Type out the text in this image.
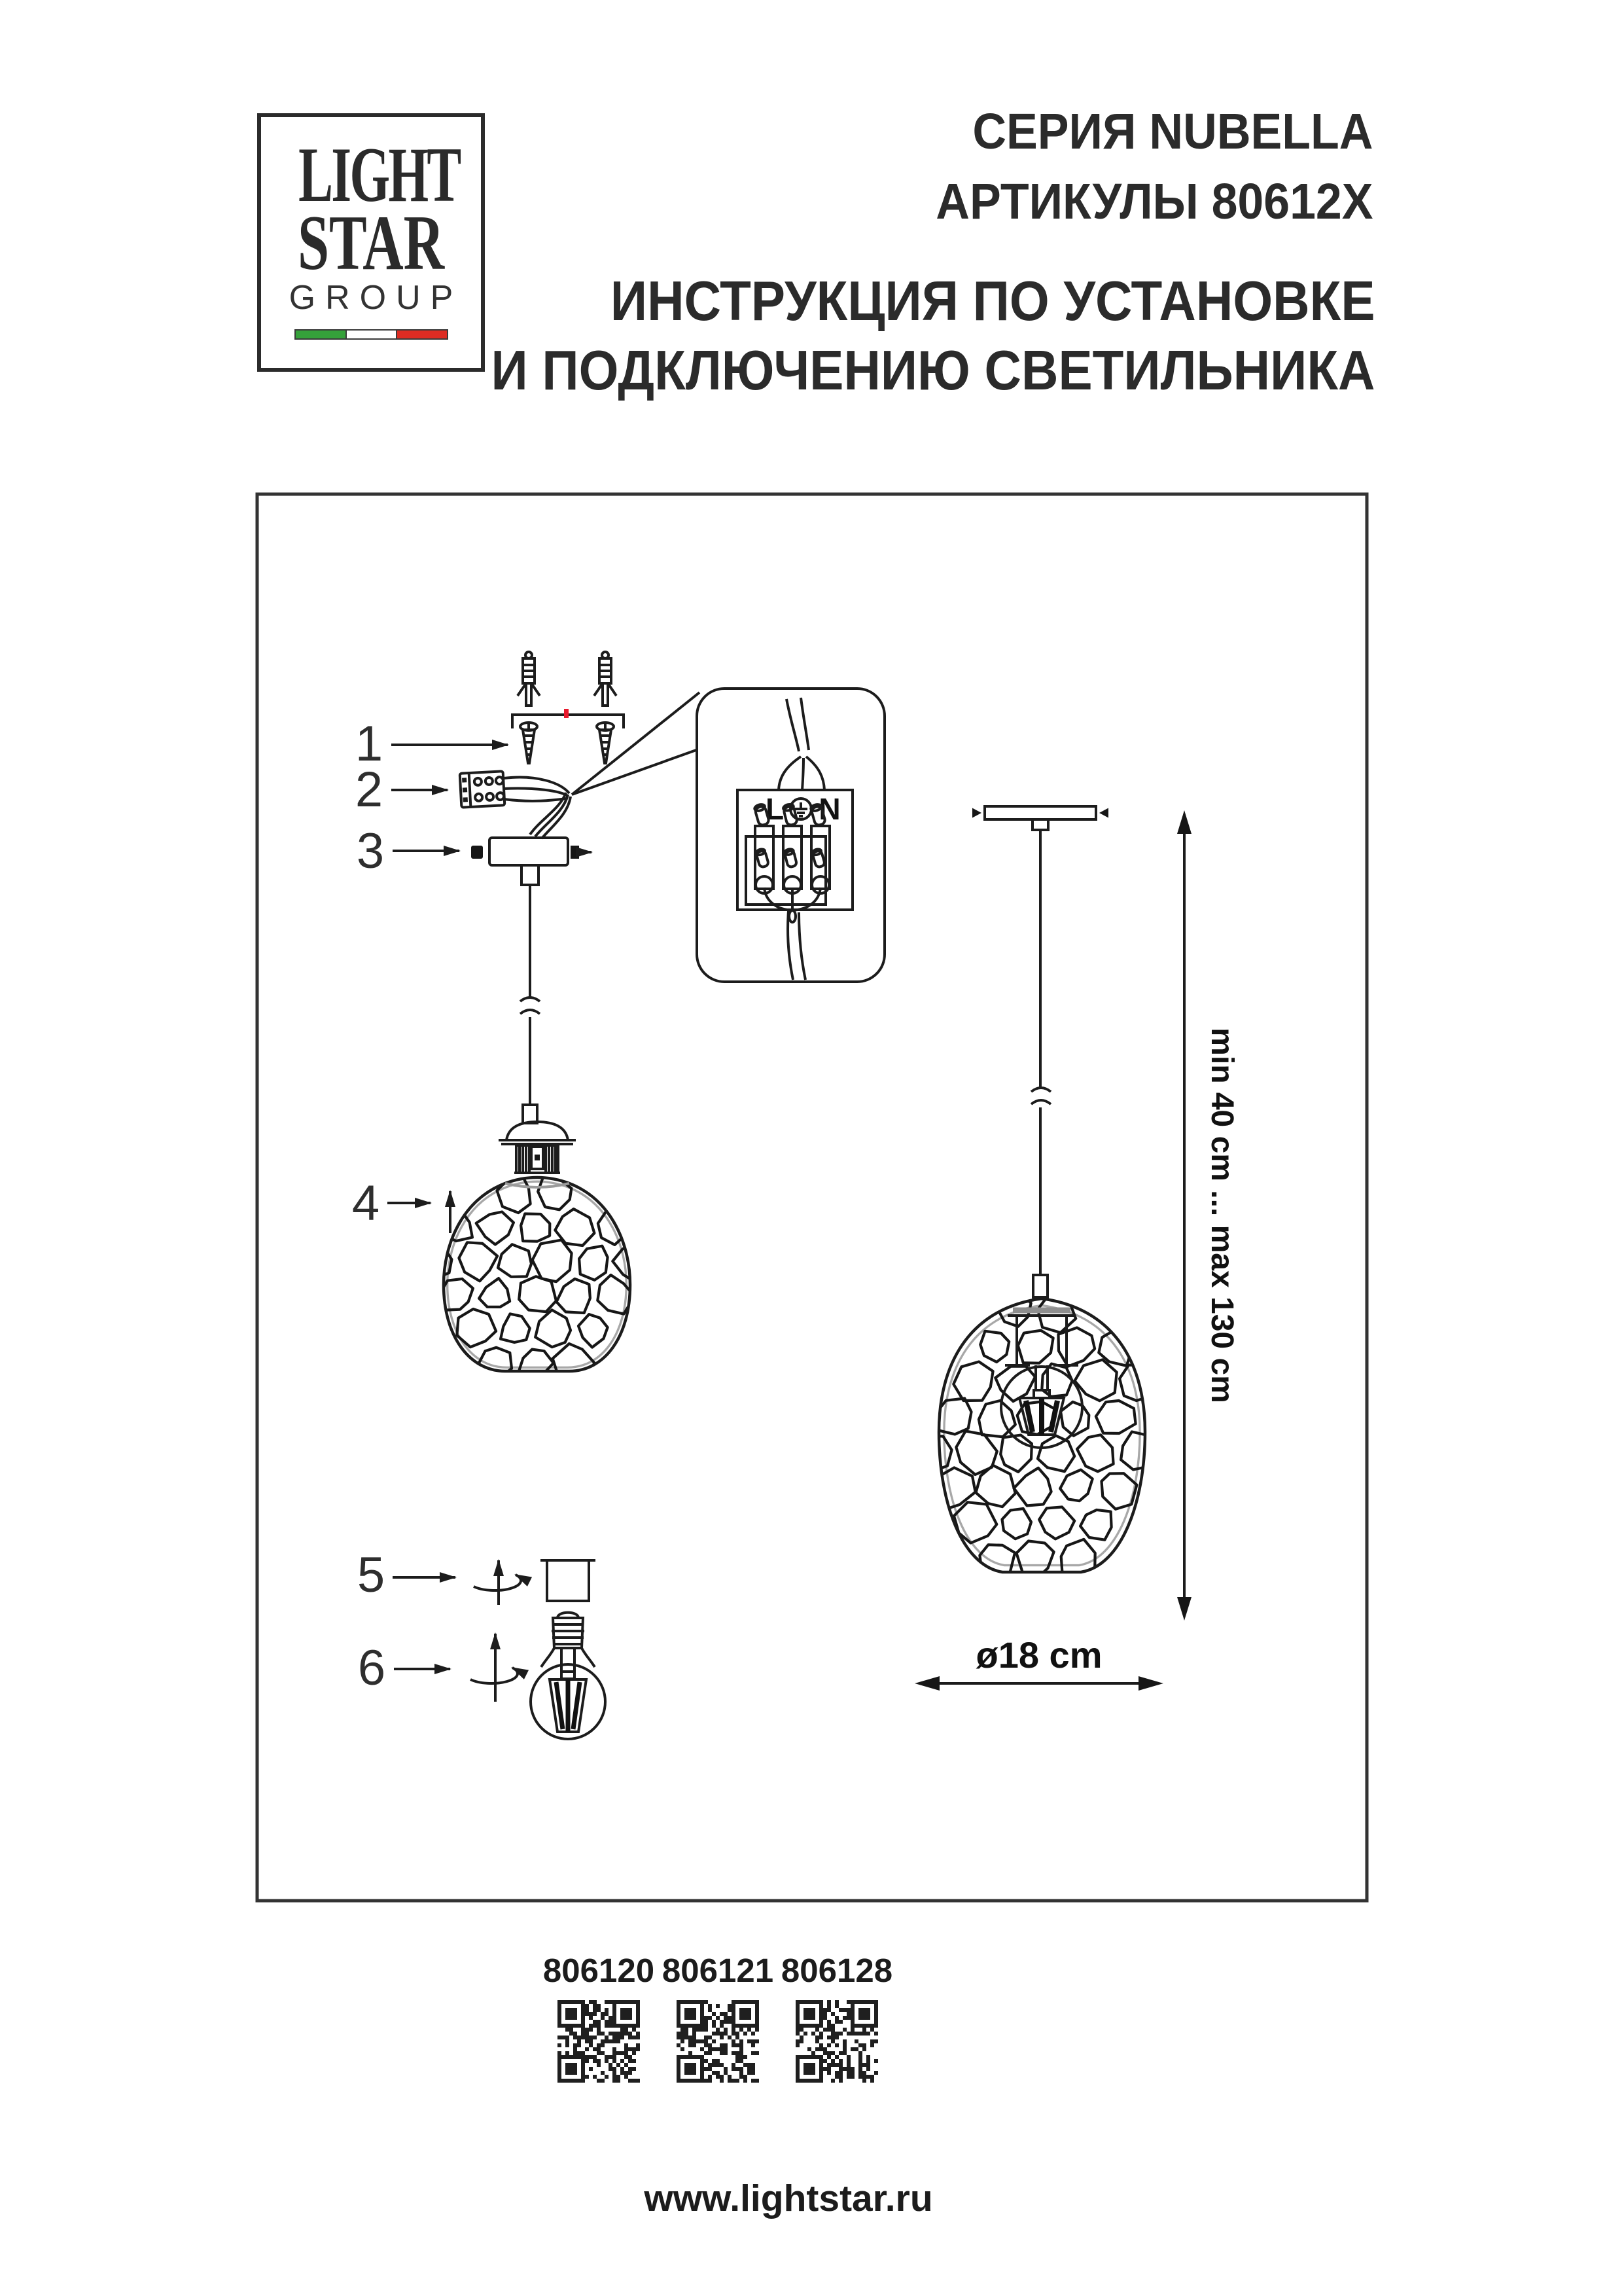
LIGHT
STAR
GROUP
СЕРИЯ NUBELLA
АРТИКУЛЫ 80612X
ИНСТРУКЦИЯ ПО УСТАНОВКЕ
И ПОДКЛЮЧЕНИЮ СВЕТИЛЬНИКА
1
2
3
4
5
6
L N
min 40 cm ... max 130 cm
ø18 cm
806120 806121 806128
www.lightstar.ru
